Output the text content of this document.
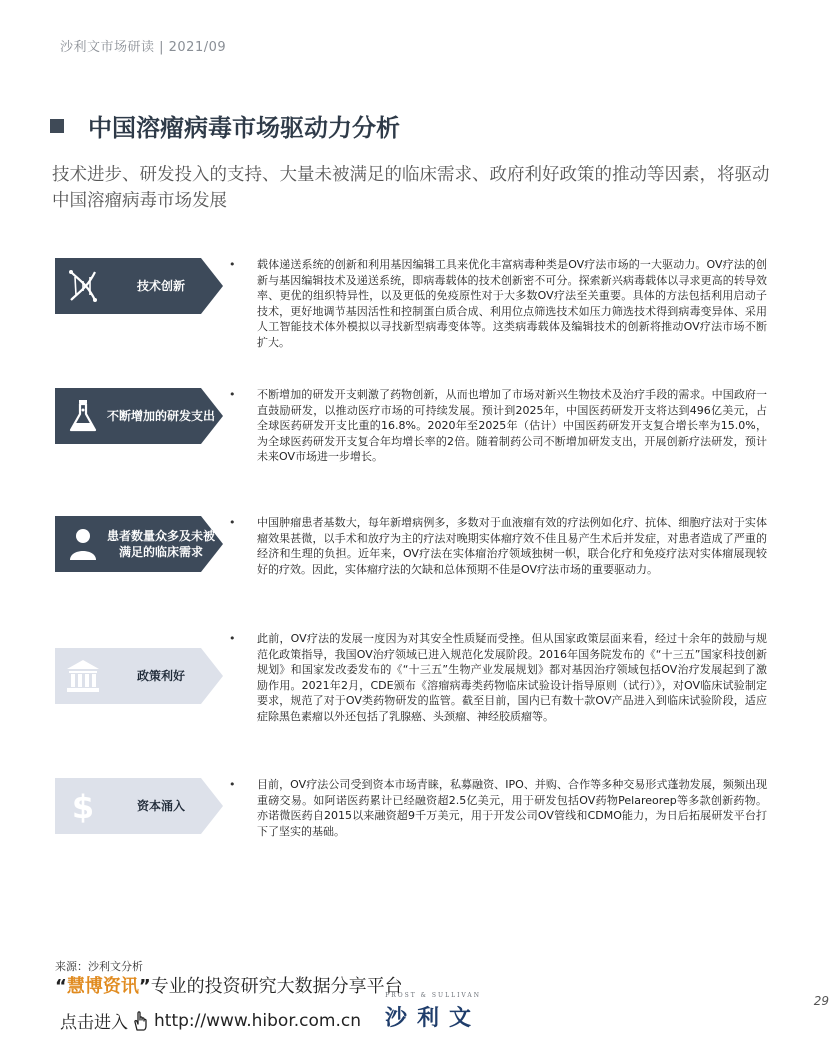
沙利文市场研读 | 2021/09
中国溶瘤病毒市场驱动力分析
技术进步、研发投入的支持、大量未被满足的临床需求、政府利好政策的推动等因素，将驱动中国溶瘤病毒市场发展
技术创新
• 载体递送系统的创新和利用基因编辑工具来优化丰富病毒种类是OV疗法市场的一大驱动力。OV疗法的创新与基因编辑技术及递送系统，即病毒载体的技术创新密不可分。探索新兴病毒载体以寻求更高的转导效率、更优的组织特异性，以及更低的免疫原性对于大多数OV疗法至关重要。具体的方法包括利用启动子技术，更好地调节基因活性和控制蛋白质合成、利用位点筛选技术如压力筛选技术得到病毒变异体、采用人工智能技术体外模拟以寻找新型病毒变体等。这类病毒载体及编辑技术的创新将推动OV疗法市场不断扩大。
不断增加的研发支出
• 不断增加的研发开支刺激了药物创新，从而也增加了市场对新兴生物技术及治疗手段的需求。中国政府一直鼓励研发，以推动医疗市场的可持续发展。预计到2025年，中国医药研发开支将达到496亿美元，占全球医药研发开支比重的16.8%。2020年至2025年（估计）中国医药研发开支复合增长率为15.0%，为全球医药研发开支复合年均增长率的2倍。随着制药公司不断增加研发支出，开展创新疗法研发，预计未来OV市场进一步增长。
患者数量众多及未被满足的临床需求
• 中国肿瘤患者基数大，每年新增病例多，多数对于血液瘤有效的疗法例如化疗、抗体、细胞疗法对于实体瘤效果甚微，以手术和放疗为主的疗法对晚期实体瘤疗效不佳且易产生术后并发症，对患者造成了严重的经济和生理的负担。近年来，OV疗法在实体瘤治疗领域独树一帜，联合化疗和免疫疗法对实体瘤展现较好的疗效。因此，实体瘤疗法的欠缺和总体预期不佳是OV疗法市场的重要驱动力。
政策利好
• 此前，OV疗法的发展一度因为对其安全性质疑而受挫。但从国家政策层面来看，经过十余年的鼓励与规范化政策指导，我国OV治疗领域已进入规范化发展阶段。2016年国务院发布的《“十三五”国家科技创新规划》和国家发改委发布的《“十三五”生物产业发展规划》都对基因治疗领域包括OV治疗发展起到了激励作用。2021年2月，CDE颁布《溶瘤病毒类药物临床试验设计指导原则（试行）》，对OV临床试验制定要求，规范了对于OV类药物研发的监管。截至目前，国内已有数十款OV产品进入到临床试验阶段，适应症除黑色素瘤以外还包括了乳腺癌、头颈瘤、神经胶质瘤等。
$	资本涌入
• 目前，OV疗法公司受到资本市场青睐，私募融资、IPO、并购、合作等多种交易形式蓬勃发展，频频出现重磅交易。如阿诺医药累计已经融资超2.5亿美元，用于研发包括OV药物Pelareorep等多款创新药物。亦诺微医药自2015以来融资超9千万美元，用于开发公司OV管线和CDMO能力，为日后拓展研发平台打下了坚实的基础。
来源：沙利文分析
“慧博资讯”专业的投资研究大数据分享平台
点击进入 http://www.hibor.com.cn
FROST & SULLIVAN
沙利文
29
